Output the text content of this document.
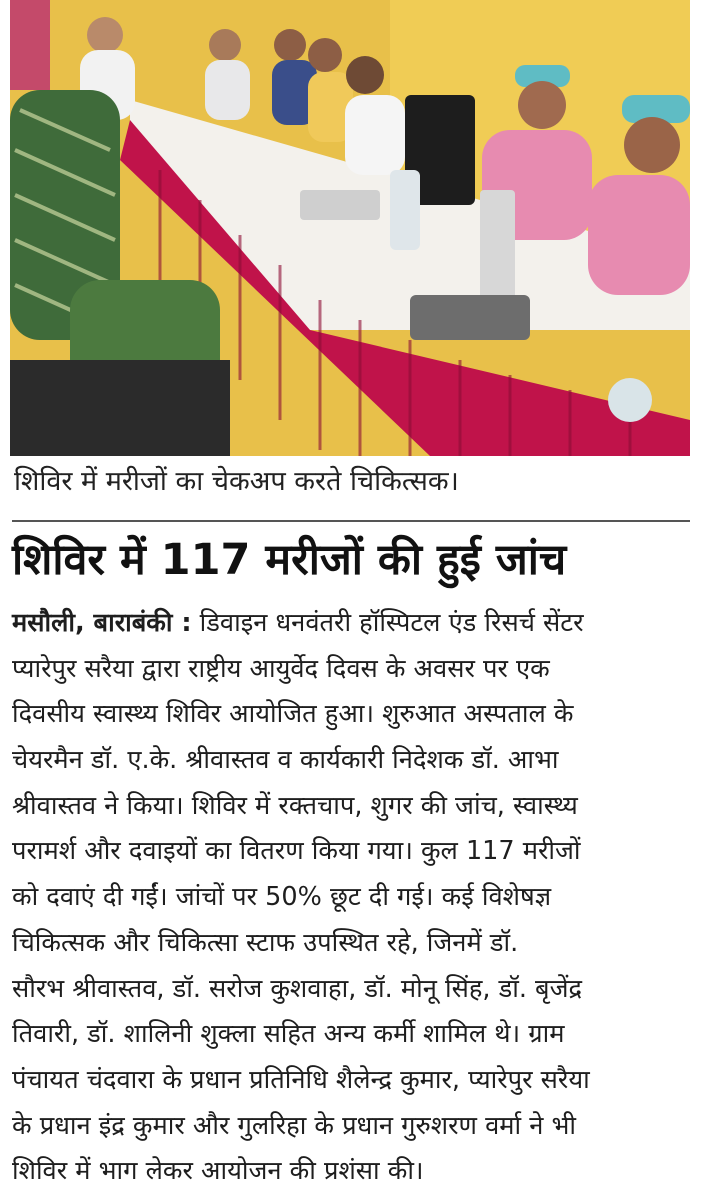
शिविर में मरीजों का चेकअप करते चिकित्सक।
शिविर में 117 मरीजों की हुई जांच
मसौली, बाराबंकी : डिवाइन धनवंतरी हॉस्पिटल एंड रिसर्च सेंटर
प्यारेपुर सरैया द्वारा राष्ट्रीय आयुर्वेद दिवस के अवसर पर एक
दिवसीय स्वास्थ्य शिविर आयोजित हुआ। शुरुआत अस्पताल के
चेयरमैन डॉ. ए.के. श्रीवास्तव व कार्यकारी निदेशक डॉ. आभा
श्रीवास्तव ने किया। शिविर में रक्तचाप, शुगर की जांच, स्वास्थ्य
परामर्श और दवाइयों का वितरण किया गया। कुल 117 मरीजों
को दवाएं दी गईं। जांचों पर 50% छूट दी गई। कई विशेषज्ञ
चिकित्सक और चिकित्सा स्टाफ उपस्थित रहे, जिनमें डॉ.
सौरभ श्रीवास्तव, डॉ. सरोज कुशवाहा, डॉ. मोनू सिंह, डॉ. बृजेंद्र
तिवारी, डॉ. शालिनी शुक्ला सहित अन्य कर्मी शामिल थे। ग्राम
पंचायत चंदवारा के प्रधान प्रतिनिधि शैलेन्द्र कुमार, प्यारेपुर सरैया
के प्रधान इंद्र कुमार और गुलरिहा के प्रधान गुरुशरण वर्मा ने भी
शिविर में भाग लेकर आयोजन की प्रशंसा की।
